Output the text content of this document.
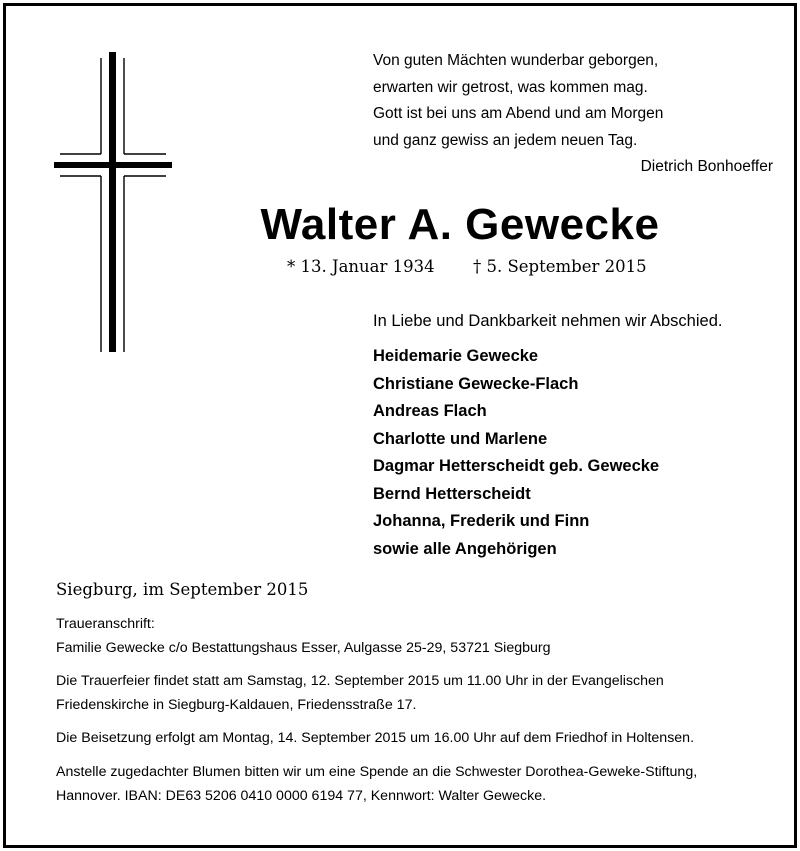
Von guten Mächten wunderbar geborgen,
erwarten wir getrost, was kommen mag.
Gott ist bei uns am Abend und am Morgen
und ganz gewiss an jedem neuen Tag.
Dietrich Bonhoeffer
Walter A. Gewecke
* 13. Januar 1934 † 5. September 2015
In Liebe und Dankbarkeit nehmen wir Abschied.
Heidemarie Gewecke
Christiane Gewecke-Flach
Andreas Flach
Charlotte und Marlene
Dagmar Hetterscheidt geb. Gewecke
Bernd Hetterscheidt
Johanna, Frederik und Finn
sowie alle Angehörigen
Siegburg, im September 2015
Traueranschrift:
Familie Gewecke c/o Bestattungshaus Esser, Aulgasse 25-29, 53721 Siegburg
Die Trauerfeier findet statt am Samstag, 12. September 2015 um 11.00 Uhr in der Evangelischen
Friedenskirche in Siegburg-Kaldauen, Friedensstraße 17.
Die Beisetzung erfolgt am Montag, 14. September 2015 um 16.00 Uhr auf dem Friedhof in Holtensen.
Anstelle zugedachter Blumen bitten wir um eine Spende an die Schwester Dorothea-Geweke-Stiftung,
Hannover. IBAN: DE63 5206 0410 0000 6194 77, Kennwort: Walter Gewecke.
